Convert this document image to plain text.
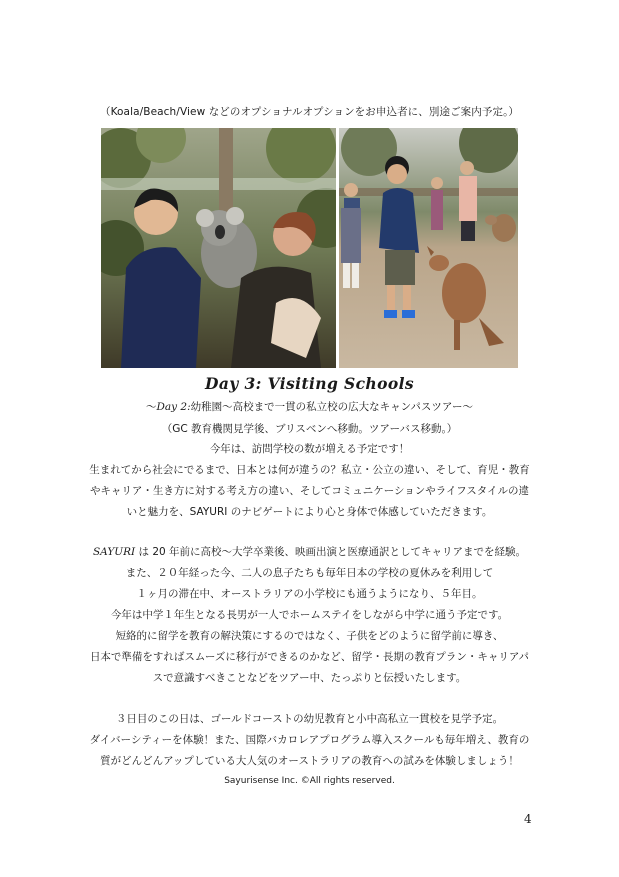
（Koala/Beach/View などのオプショナルオプションをお申込者に、別途ご案内予定。）
Day 3: Visiting Schools
～Day 2:幼稚園～高校まで一貫の私立校の広大なキャンパスツアー～
（GC 教育機関見学後、ブリスベンへ移動。ツアーバス移動。）
今年は、訪問学校の数が増える予定です！
生まれてから社会にでるまで、日本とは何が違うの？私立・公立の違い、そして、育児・教育
やキャリア・生き方に対する考え方の違い、そしてコミュニケーションやライフスタイルの違
いと魅力を、SAYURI のナビゲートにより心と身体で体感していただきます。
SAYURI は 20 年前に高校～大学卒業後、映画出演と医療通訳としてキャリアまでを経験。
また、２０年経った今、二人の息子たちも毎年日本の学校の夏休みを利用して
１ヶ月の滞在中、オーストラリアの小学校にも通うようになり、５年目。
今年は中学１年生となる長男が一人でホームステイをしながら中学に通う予定です。
短絡的に留学を教育の解決策にするのではなく、子供をどのように留学前に導き、
日本で準備をすればスムーズに移行ができるのかなど、留学・長期の教育プラン・キャリアパ
スで意識すべきことなどをツアー中、たっぷりと伝授いたします。
３日目のこの日は、ゴールドコーストの幼児教育と小中高私立一貫校を見学予定。
ダイバーシティーを体験！また、国際バカロレアプログラム導入スクールも毎年増え、教育の
質がどんどんアップしている大人気のオーストラリアの教育への試みを体験しましょう！
Sayurisense Inc. ©All rights reserved.
4
